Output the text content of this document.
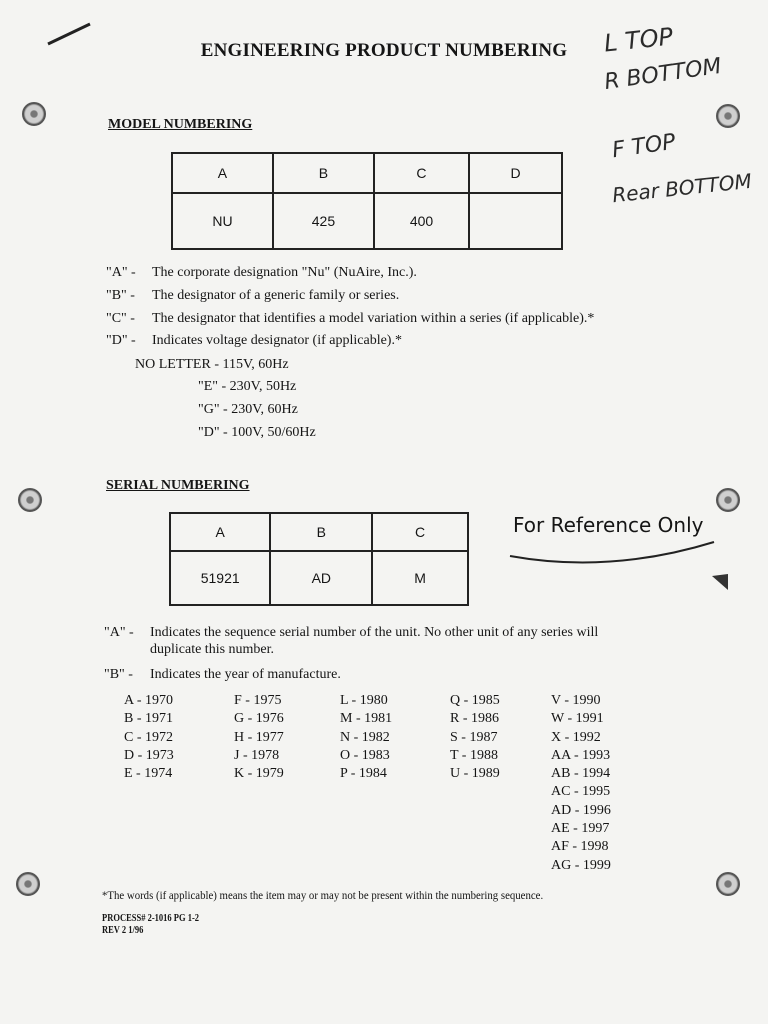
ENGINEERING PRODUCT NUMBERING	L TOP
R BOTTOM
F TOP
Rear BOTTOM
MODEL NUMBERING
A	B	C	D
NU	425	400	
"A" - The corporate designation "Nu" (NuAire, Inc.).
"B" - The designator of a generic family or series.
"C" - The designator that identifies a model variation within a series (if applicable).*
"D" - Indicates voltage designator (if applicable).*
NO LETTER - 115V, 60Hz
"E" - 230V, 50Hz
"G" - 230V, 60Hz
"D" - 100V, 50/60Hz
SERIAL NUMBERING
A	B	C
51921	AD	M
For Reference Only
"A" - Indicates the sequence serial number of the unit. No other unit of any series will
duplicate this number.
"B" - Indicates the year of manufacture.
A - 1970
B - 1971
C - 1972
D - 1973
E - 1974
F - 1975
G - 1976
H - 1977
J - 1978
K - 1979
L - 1980
M - 1981
N - 1982
O - 1983
P - 1984
Q - 1985
R - 1986
S - 1987
T - 1988
U - 1989
V - 1990
W - 1991
X - 1992
AA - 1993
AB - 1994
AC - 1995
AD - 1996
AE - 1997
AF - 1998
AG - 1999
*The words (if applicable) means the item may or may not be present within the numbering sequence.
PROCESS# 2-1016 PG 1-2
REV 2 1/96
